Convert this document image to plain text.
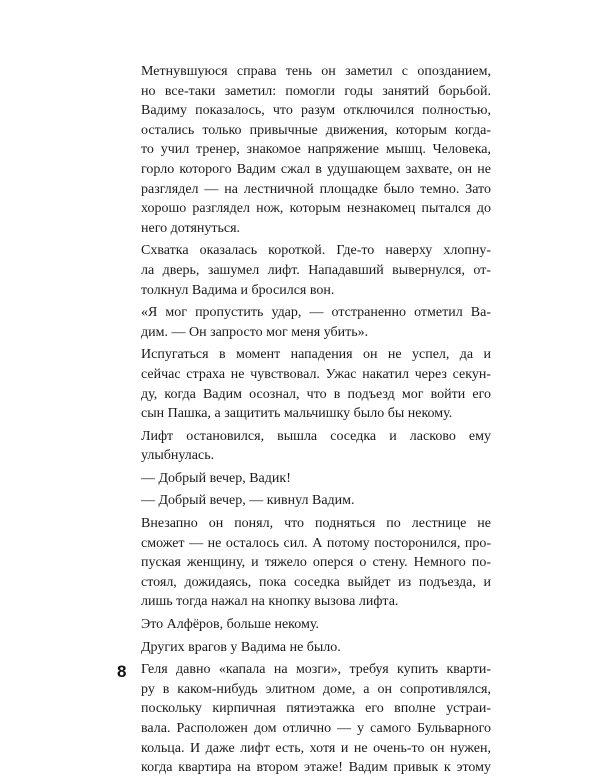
Метнувшуюся справа тень он заметил с опозданием,
но все-таки заметил: помогли годы занятий борьбой.
Вадиму показалось, что разум отключился полностью,
остались только привычные движения, которым когда-
то учил тренер, знакомое напряжение мышц. Человека,
горло которого Вадим сжал в удушающем захвате, он не
разглядел — на лестничной площадке было темно. Зато
хорошо разглядел нож, которым незнакомец пытался до
него дотянуться.

Схватка оказалась короткой. Где-то наверху хлопну-
ла дверь, зашумел лифт. Нападавший вывернулся, от-
толкнул Вадима и бросился вон.

«Я мог пропустить удар, — отстраненно отметил Ва-
дим. — Он запросто мог меня убить».

Испугаться в момент нападения он не успел, да и
сейчас страха не чувствовал. Ужас накатил через секун-
ду, когда Вадим осознал, что в подъезд мог войти его
сын Пашка, а защитить мальчишку было бы некому.

Лифт остановился, вышла соседка и ласково ему
улыбнулась.

— Добрый вечер, Вадик!

— Добрый вечер, — кивнул Вадим.

Внезапно он понял, что подняться по лестнице не
сможет — не осталось сил. А потому посторонился, про-
пуская женщину, и тяжело оперся о стену. Немного по-
стоял, дожидаясь, пока соседка выйдет из подъезда, и
лишь тогда нажал на кнопку вызова лифта.

Это Алфёров, больше некому.

Других врагов у Вадима не было.

Геля давно «капала на мозги», требуя купить кварти-
ру в каком-нибудь элитном доме, а он сопротивлялся,
поскольку кирпичная пятиэтажка его вполне устраи-
вала. Расположен дом отлично — у самого Бульварного
кольца. И даже лифт есть, хотя и не очень-то он нужен,
когда квартира на втором этаже! Вадим привык к этому

8
